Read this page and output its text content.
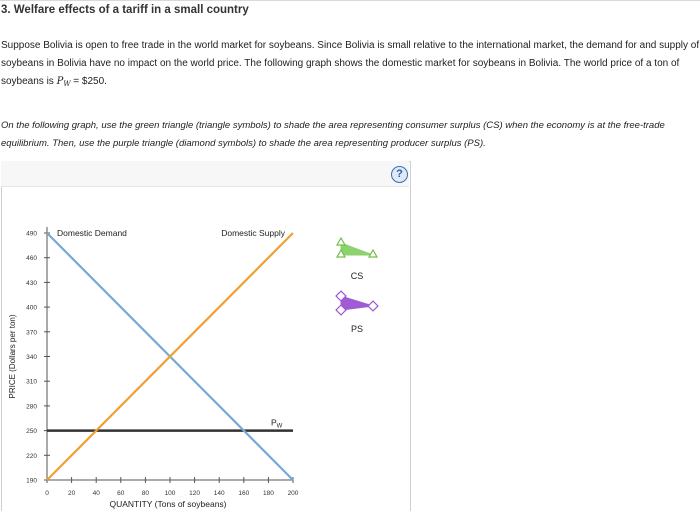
3. Welfare effects of a tariff in a small country
Suppose Bolivia is open to free trade in the world market for soybeans. Since Bolivia is small relative to the international market, the demand for and supply of soybeans in Bolivia have no impact on the world price. The following graph shows the domestic market for soybeans in Bolivia. The world price of a ton of soybeans is $P_W$ = $250.
On the following graph, use the green triangle (triangle symbols) to shade the area representing consumer surplus (CS) when the economy is at the free-trade equilibrium. Then, use the purple triangle (diamond symbols) to shade the area representing producer surplus (PS).
?
190
220
250
280
310
340
370
400
430
460
490
0	20	40	60	80 100 120 140 160 180 200
QUANTITY (Tons of soybeans)
PRICE (Dollars per ton)
$P_W$
Domestic Demand	Domestic Supply
CS
PS
